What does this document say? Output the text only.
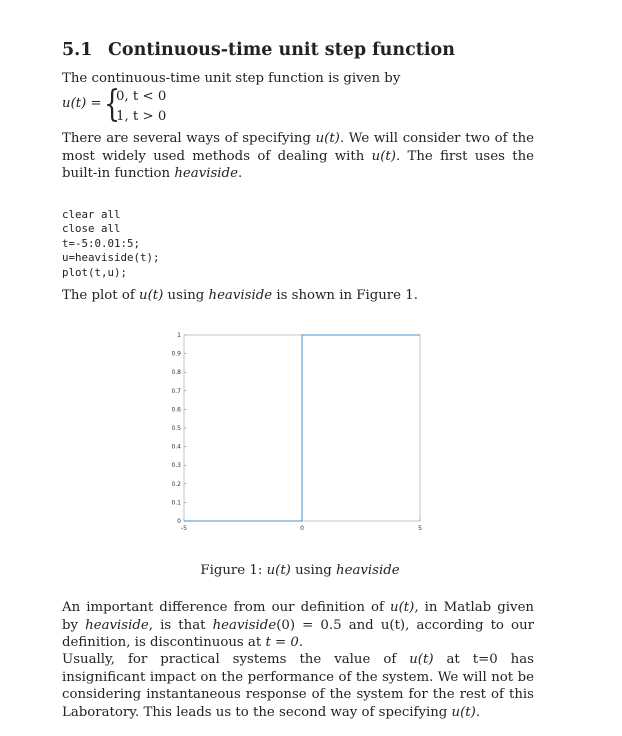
5.1 Continuous-time unit step function
The continuous-time unit step function is given by
u(t) = {
0, t < 0
1, t > 0
There are several ways of specifying u(t). We will consider two of the most widely used methods of dealing with u(t). The first uses the built-in function heaviside.
clear all
close all
t=-5:0.01:5;
u=heaviside(t);
plot(t,u);
The plot of u(t) using heaviside is shown in Figure 1.
0
0.1
0.2
0.3
0.4
0.5
0.6
0.7
0.8
0.9
1
-5	0	5
Figure 1: u(t) using heaviside
An important difference from our definition of u(t), in Matlab given by heaviside, is that heaviside(0) = 0.5 and u(t), according to our definition, is discontinuous at t = 0.
Usually, for practical systems the value of u(t) at t=0 has insignificant impact on the performance of the system. We will not be considering instantaneous response of the system for the rest of this Laboratory. This leads us to the second way of specifying u(t).
